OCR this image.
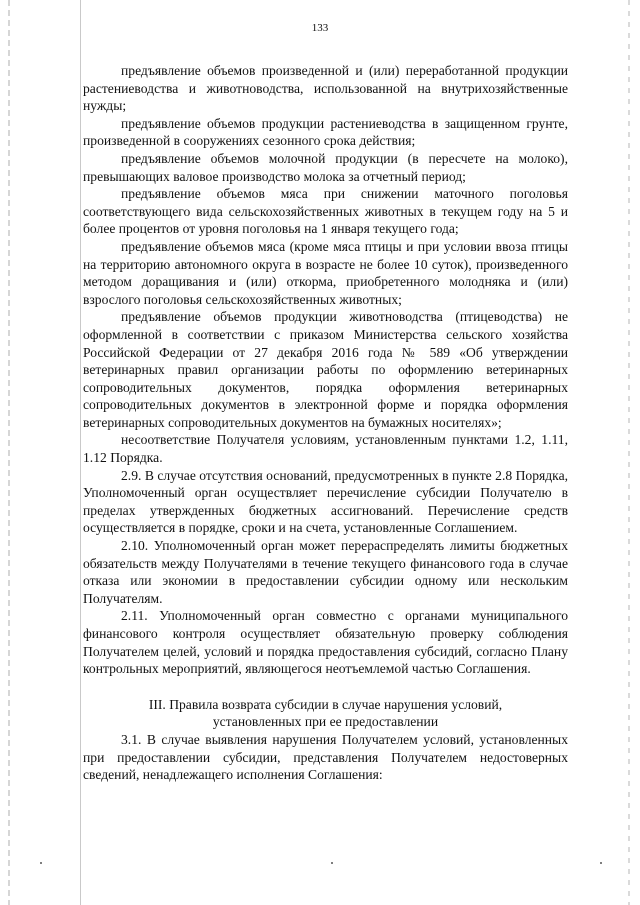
133

предъявление объемов произведенной и (или) переработанной продукции растениеводства и животноводства, использованной на внутрихозяйственные нужды;

предъявление объемов продукции растениеводства в защищенном грунте, произведенной в сооружениях сезонного срока действия;

предъявление объемов молочной продукции (в пересчете на молоко), превышающих валовое производство молока за отчетный период;

предъявление объемов мяса при снижении маточного поголовья соответствующего вида сельскохозяйственных животных в текущем году на 5 и более процентов от уровня поголовья на 1 января текущего года;

предъявление объемов мяса (кроме мяса птицы и при условии ввоза птицы на территорию автономного округа в возрасте не более 10 суток), произведенного методом доращивания и (или) откорма, приобретенного молодняка и (или) взрослого поголовья сельскохозяйственных животных;

предъявление объемов продукции животноводства (птицеводства) не оформленной в соответствии с приказом Министерства сельского хозяйства Российской Федерации от 27 декабря 2016 года № 589 «Об утверждении ветеринарных правил организации работы по оформлению ветеринарных сопроводительных документов, порядка оформления ветеринарных сопроводительных документов в электронной форме и порядка оформления ветеринарных сопроводительных документов на бумажных носителях»;

несоответствие Получателя условиям, установленным пунктами 1.2, 1.11, 1.12 Порядка.

2.9. В случае отсутствия оснований, предусмотренных в пункте 2.8 Порядка, Уполномоченный орган осуществляет перечисление субсидии Получателю в пределах утвержденных бюджетных ассигнований. Перечисление средств осуществляется в порядке, сроки и на счета, установленные Соглашением.

2.10. Уполномоченный орган может перераспределять лимиты бюджетных обязательств между Получателями в течение текущего финансового года в случае отказа или экономии в предоставлении субсидии одному или нескольким Получателям.

2.11. Уполномоченный орган совместно с органами муниципального финансового контроля осуществляет обязательную проверку соблюдения Получателем целей, условий и порядка предоставления субсидий, согласно Плану контрольных мероприятий, являющегося неотъемлемой частью Соглашения.

III. Правила возврата субсидии в случае нарушения условий,
установленных при ее предоставлении

3.1. В случае выявления нарушения Получателем условий, установленных при предоставлении субсидии, представления Получателем недостоверных сведений, ненадлежащего исполнения Соглашения:
